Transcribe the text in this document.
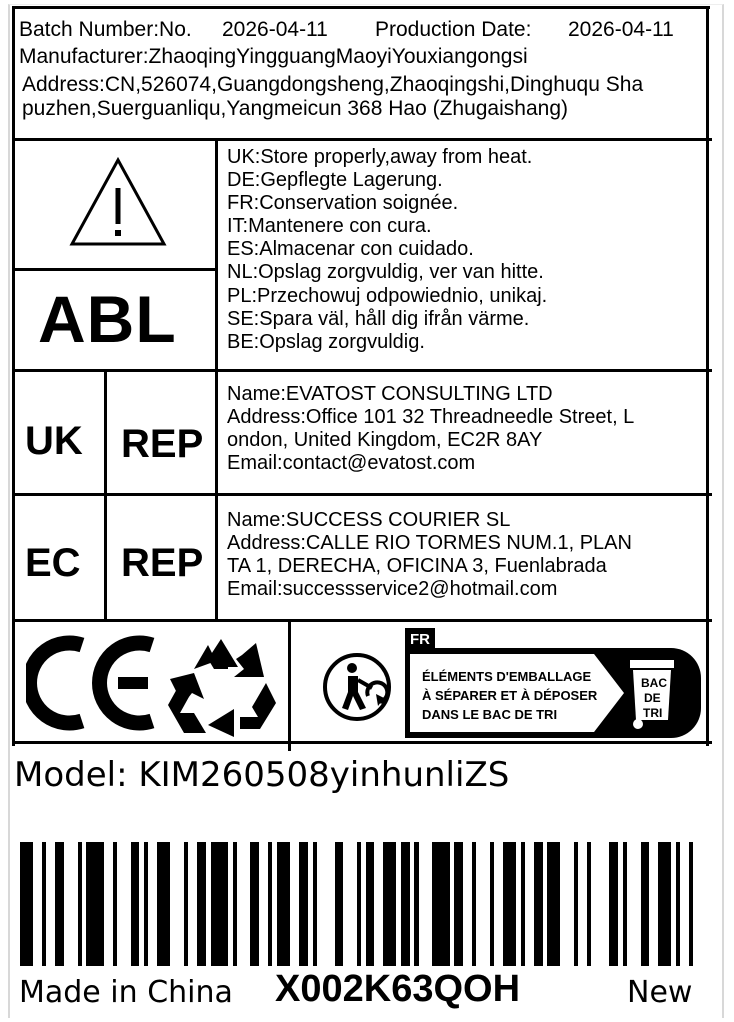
Batch Number:No. 2026-04-11 Production Date: 2026-04-11
Manufacturer:ZhaoqingYingguangMaoyiYouxiangongsi
Address:CN,526074,Guangdongsheng,Zhaoqingshi,Dinghuqu Sha
puzhen,Suerguanliqu,Yangmeicun 368 Hao (Zhugaishang)
ABL
UK:Store properly,away from heat.
DE:Gepflegte Lagerung.
FR:Conservation soignée.
IT:Mantenere con cura.
ES:Almacenar con cuidado.
NL:Opslag zorgvuldig, ver van hitte.
PL:Przechowuj odpowiednio, unikaj.
SE:Spara väl, håll dig ifrån värme.
BE:Opslag zorgvuldig.
UK REP
Name:EVATOST CONSULTING LTD
Address:Office 101 32 Threadneedle Street, L
ondon, United Kingdom, EC2R 8AY
Email:contact@evatost.com
EC REP
Name:SUCCESS COURIER SL
Address:CALLE RIO TORMES NUM.1, PLAN
TA 1, DERECHA, OFICINA 3, Fuenlabrada
Email:successservice2@hotmail.com
FR
ÉLÉMENTS D'EMBALLAGE
À SÉPARER ET À DÉPOSER
DANS LE BAC DE TRI
BAC
DE
TRI
Model: KIM260508yinhunliZS
Made in China X002K63QOH	New
